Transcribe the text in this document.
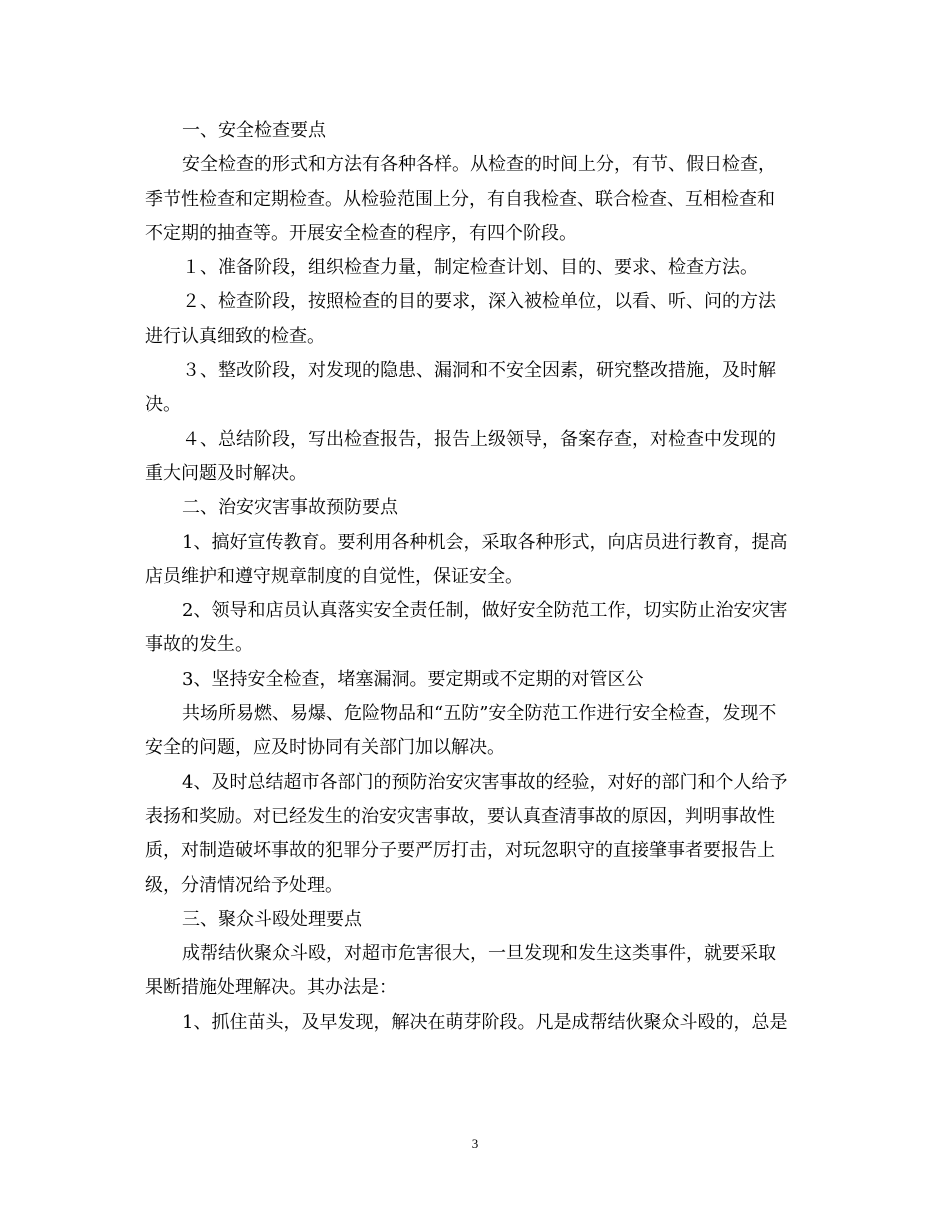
一、安全检查要点
安全检查的形式和方法有各种各样。从检查的时间上分，有节、假日检查，
季节性检查和定期检查。从检验范围上分，有自我检查、联合检查、互相检查和
不定期的抽查等。开展安全检查的程序，有四个阶段。
１、准备阶段，组织检查力量，制定检查计划、目的、要求、检查方法。
２、检查阶段，按照检查的目的要求，深入被检单位，以看、听、问的方法
进行认真细致的检查。
３、整改阶段，对发现的隐患、漏洞和不安全因素，研究整改措施，及时解
决。
４、总结阶段，写出检查报告，报告上级领导，备案存查，对检查中发现的
重大问题及时解决。
二、治安灾害事故预防要点
1、搞好宣传教育。要利用各种机会，采取各种形式，向店员进行教育，提高
店员维护和遵守规章制度的自觉性，保证安全。
2、领导和店员认真落实安全责任制，做好安全防范工作，切实防止治安灾害
事故的发生。
3、坚持安全检查，堵塞漏洞。要定期或不定期的对管区公
共场所易燃、易爆、危险物品和“五防”安全防范工作进行安全检查，发现不
安全的问题，应及时协同有关部门加以解决。
4、及时总结超市各部门的预防治安灾害事故的经验，对好的部门和个人给予
表扬和奖励。对已经发生的治安灾害事故，要认真查清事故的原因，判明事故性
质，对制造破坏事故的犯罪分子要严厉打击，对玩忽职守的直接肇事者要报告上
级，分清情况给予处理。
三、聚众斗殴处理要点
成帮结伙聚众斗殴，对超市危害很大，一旦发现和发生这类事件，就要采取
果断措施处理解决。其办法是：
1、抓住苗头，及早发现，解决在萌芽阶段。凡是成帮结伙聚众斗殴的，总是
3
